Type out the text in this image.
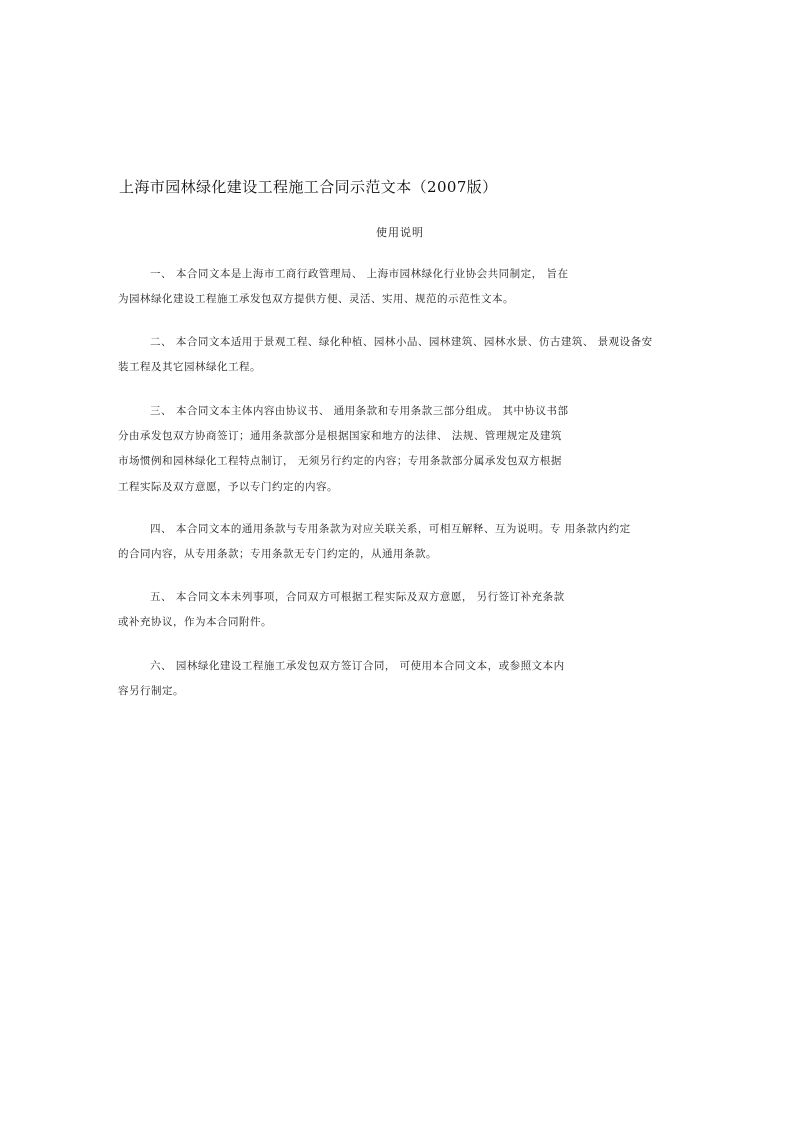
上海市园林绿化建设工程施工合同示范文本（2007版）
使用说明
一、 本合同文本是上海市工商行政管理局、 上海市园林绿化行业协会共同制定， 旨在
为园林绿化建设工程施工承发包双方提供方便、灵活、实用、规范的示范性文本。
二、 本合同文本适用于景观工程、绿化种植、园林小品、园林建筑、园林水景、仿古建筑、 景观设备安
装工程及其它园林绿化工程。
三、 本合同文本主体内容由协议书、 通用条款和专用条款三部分组成。 其中协议书部
分由承发包双方协商签订；通用条款部分是根据国家和地方的法律、 法规、管理规定及建筑
市场惯例和园林绿化工程特点制订， 无须另行约定的内容；专用条款部分属承发包双方根据
工程实际及双方意愿，予以专门约定的内容。
四、 本合同文本的通用条款与专用条款为对应关联关系，可相互解释、互为说明。专 用条款内约定
的合同内容，从专用条款；专用条款无专门约定的，从通用条款。
五、 本合同文本未列事项，合同双方可根据工程实际及双方意愿， 另行签订补充条款
或补充协议，作为本合同附件。
六、 园林绿化建设工程施工承发包双方签订合同， 可使用本合同文本，或参照文本内
容另行制定。
